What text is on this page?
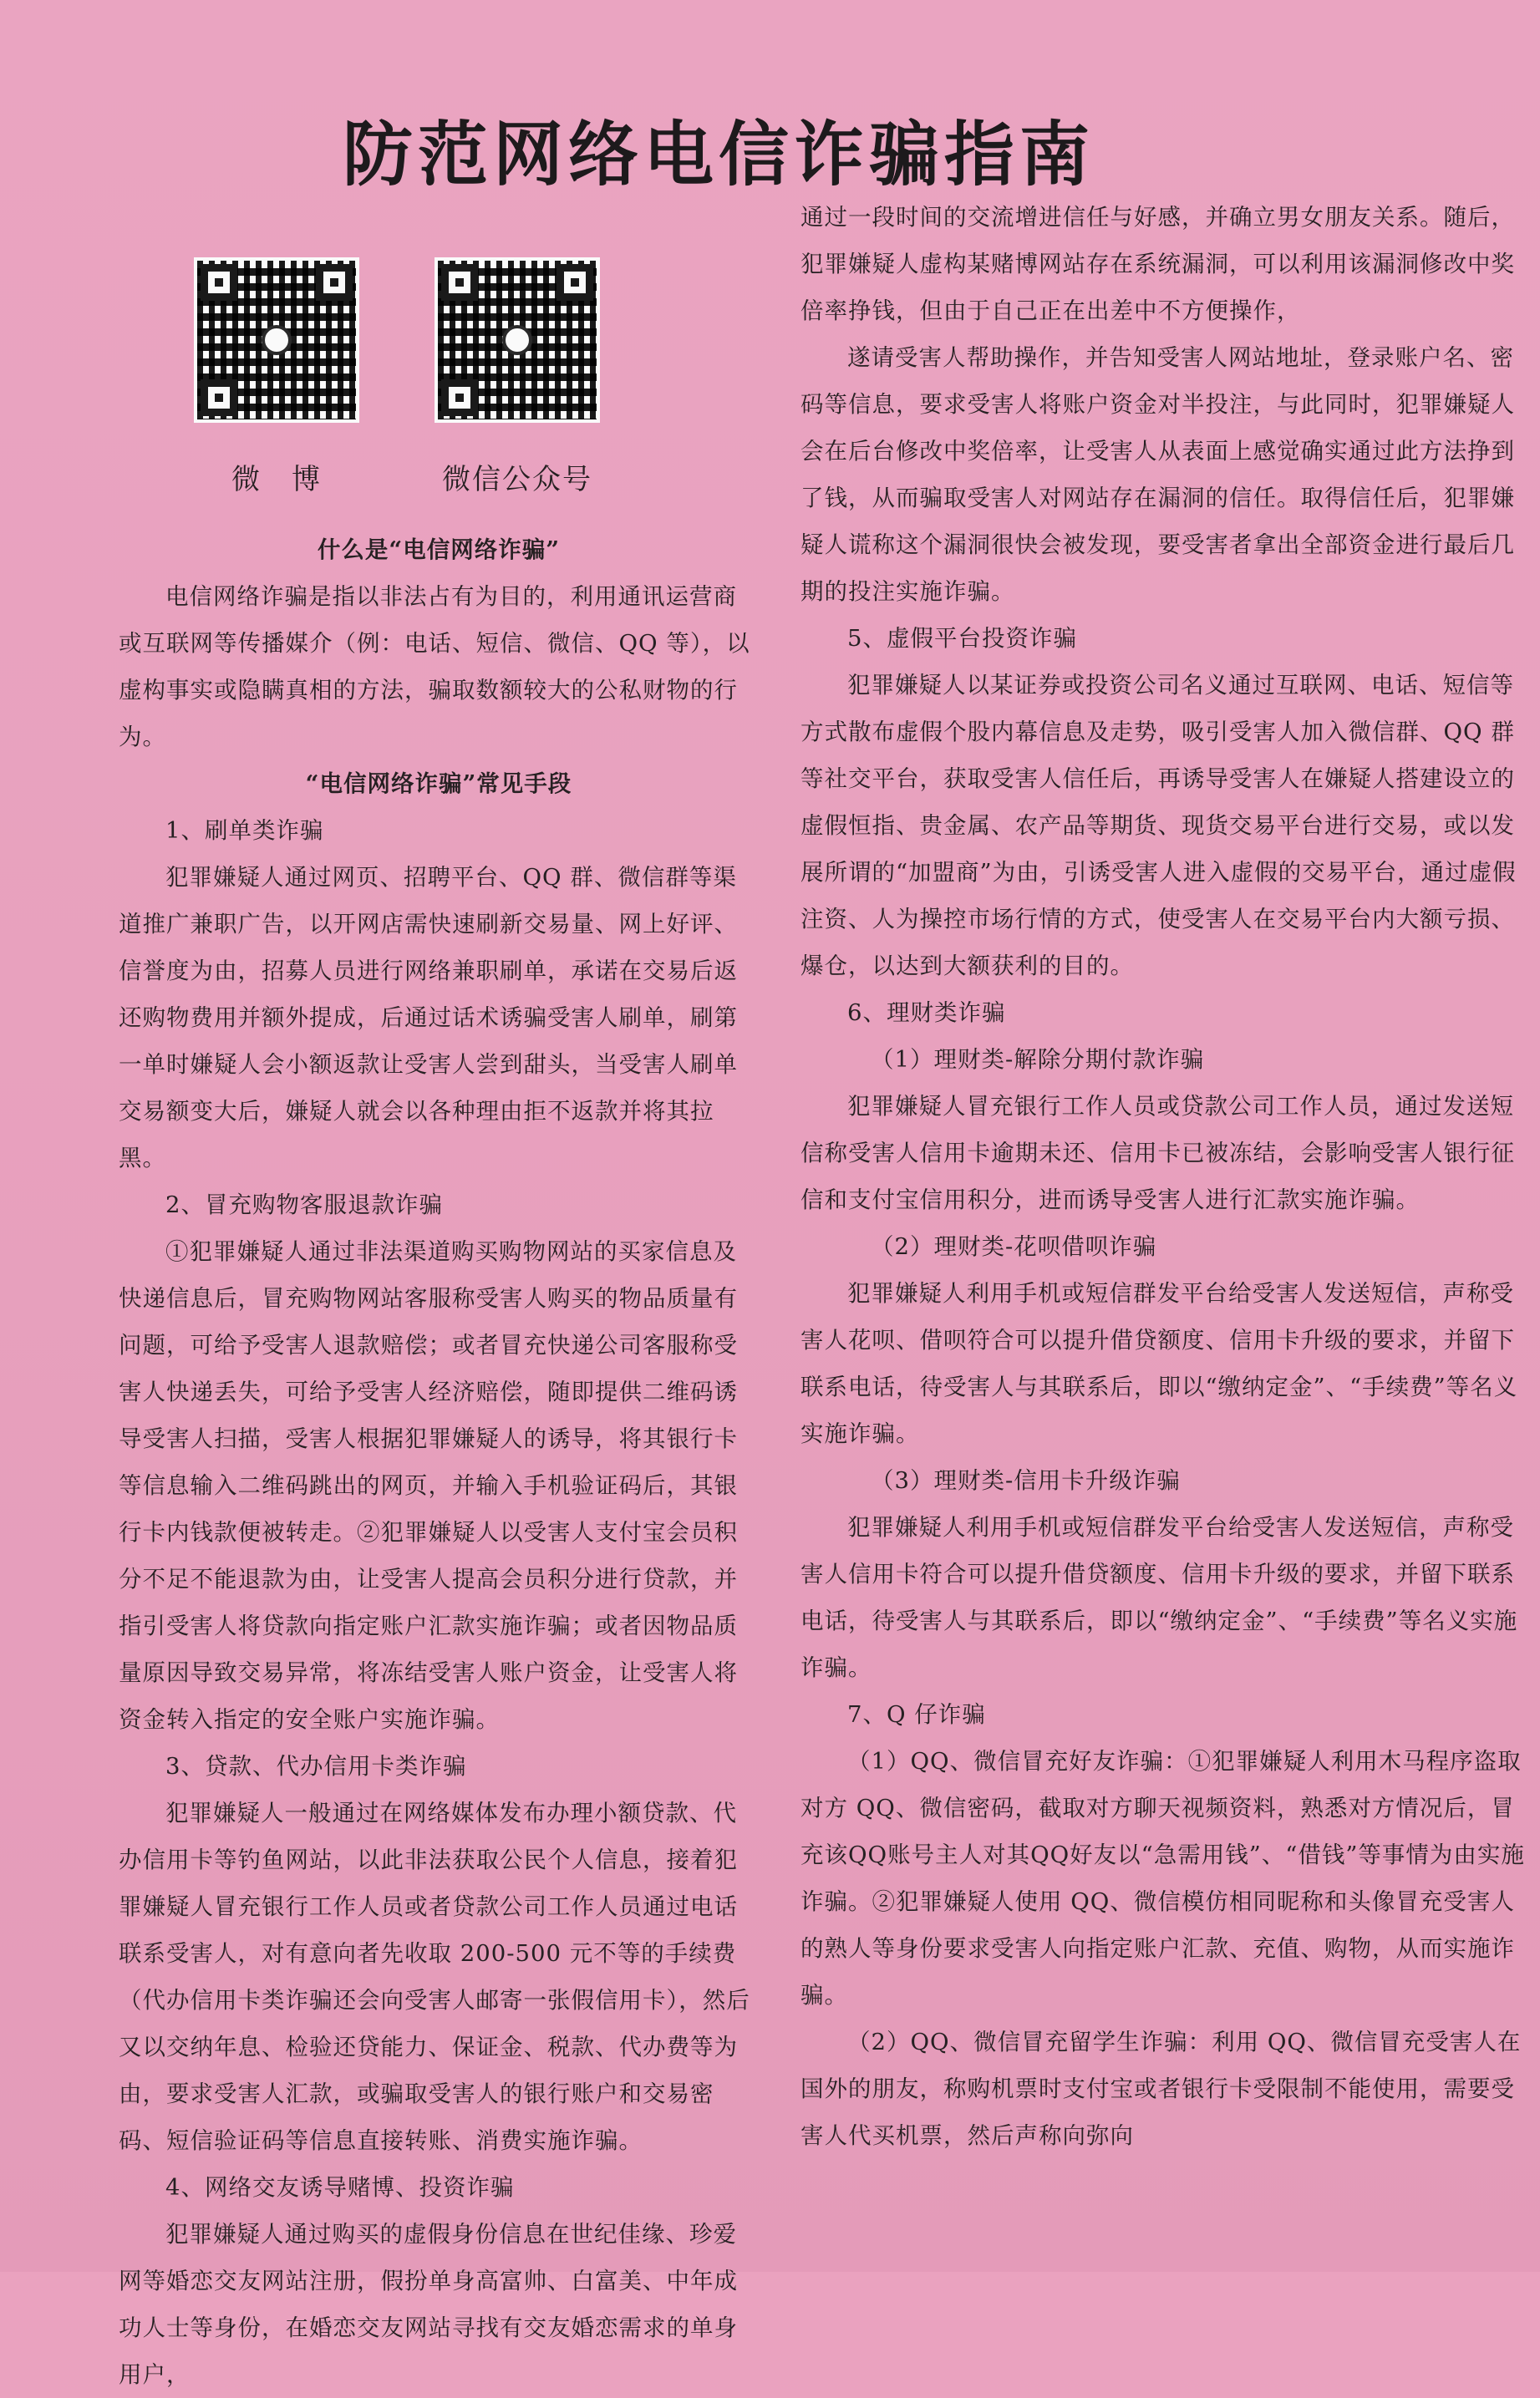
防范网络电信诈骗指南
微　博	微信公众号

什么是“电信网络诈骗”

电信网络诈骗是指以非法占有为目的，利用通讯运营商或互联网等传播媒介（例：电话、短信、微信、QQ 等），以虚构事实或隐瞒真相的方法，骗取数额较大的公私财物的行为。

“电信网络诈骗”常见手段

1、刷单类诈骗

犯罪嫌疑人通过网页、招聘平台、QQ 群、微信群等渠道推广兼职广告，以开网店需快速刷新交易量、网上好评、信誉度为由，招募人员进行网络兼职刷单，承诺在交易后返还购物费用并额外提成，后通过话术诱骗受害人刷单，刷第一单时嫌疑人会小额返款让受害人尝到甜头，当受害人刷单交易额变大后，嫌疑人就会以各种理由拒不返款并将其拉黑。

2、冒充购物客服退款诈骗

①犯罪嫌疑人通过非法渠道购买购物网站的买家信息及快递信息后，冒充购物网站客服称受害人购买的物品质量有问题，可给予受害人退款赔偿；或者冒充快递公司客服称受害人快递丢失，可给予受害人经济赔偿，随即提供二维码诱导受害人扫描，受害人根据犯罪嫌疑人的诱导，将其银行卡等信息输入二维码跳出的网页，并输入手机验证码后，其银行卡内钱款便被转走。②犯罪嫌疑人以受害人支付宝会员积分不足不能退款为由，让受害人提高会员积分进行贷款，并指引受害人将贷款向指定账户汇款实施诈骗；或者因物品质量原因导致交易异常，将冻结受害人账户资金，让受害人将资金转入指定的安全账户实施诈骗。

3、贷款、代办信用卡类诈骗

犯罪嫌疑人一般通过在网络媒体发布办理小额贷款、代办信用卡等钓鱼网站，以此非法获取公民个人信息，接着犯罪嫌疑人冒充银行工作人员或者贷款公司工作人员通过电话联系受害人，对有意向者先收取 200-500 元不等的手续费（代办信用卡类诈骗还会向受害人邮寄一张假信用卡），然后又以交纳年息、检验还贷能力、保证金、税款、代办费等为由，要求受害人汇款，或骗取受害人的银行账户和交易密码、短信验证码等信息直接转账、消费实施诈骗。

4、网络交友诱导赌博、投资诈骗

犯罪嫌疑人通过购买的虚假身份信息在世纪佳缘、珍爱网等婚恋交友网站注册，假扮单身高富帅、白富美、中年成功人士等身份，在婚恋交友网站寻找有交友婚恋需求的单身用户，

通过一段时间的交流增进信任与好感，并确立男女朋友关系。随后，犯罪嫌疑人虚构某赌博网站存在系统漏洞，可以利用该漏洞修改中奖倍率挣钱，但由于自己正在出差中不方便操作，

遂请受害人帮助操作，并告知受害人网站地址，登录账户名、密码等信息，要求受害人将账户资金对半投注，与此同时，犯罪嫌疑人会在后台修改中奖倍率，让受害人从表面上感觉确实通过此方法挣到了钱，从而骗取受害人对网站存在漏洞的信任。取得信任后，犯罪嫌疑人谎称这个漏洞很快会被发现，要受害者拿出全部资金进行最后几期的投注实施诈骗。

5、虚假平台投资诈骗

犯罪嫌疑人以某证券或投资公司名义通过互联网、电话、短信等方式散布虚假个股内幕信息及走势，吸引受害人加入微信群、QQ 群等社交平台，获取受害人信任后，再诱导受害人在嫌疑人搭建设立的虚假恒指、贵金属、农产品等期货、现货交易平台进行交易，或以发展所谓的“加盟商”为由，引诱受害人进入虚假的交易平台，通过虚假注资、人为操控市场行情的方式，使受害人在交易平台内大额亏损、爆仓，以达到大额获利的目的。

6、理财类诈骗

（1）理财类-解除分期付款诈骗

犯罪嫌疑人冒充银行工作人员或贷款公司工作人员，通过发送短信称受害人信用卡逾期未还、信用卡已被冻结，会影响受害人银行征信和支付宝信用积分，进而诱导受害人进行汇款实施诈骗。

（2）理财类-花呗借呗诈骗

犯罪嫌疑人利用手机或短信群发平台给受害人发送短信，声称受害人花呗、借呗符合可以提升借贷额度、信用卡升级的要求，并留下联系电话，待受害人与其联系后，即以“缴纳定金”、“手续费”等名义实施诈骗。

（3）理财类-信用卡升级诈骗

犯罪嫌疑人利用手机或短信群发平台给受害人发送短信，声称受害人信用卡符合可以提升借贷额度、信用卡升级的要求，并留下联系电话，待受害人与其联系后，即以“缴纳定金”、“手续费”等名义实施诈骗。

7、Q 仔诈骗

（1）QQ、微信冒充好友诈骗：①犯罪嫌疑人利用木马程序盗取对方 QQ、微信密码，截取对方聊天视频资料，熟悉对方情况后，冒充该QQ账号主人对其QQ好友以“急需用钱”、“借钱”等事情为由实施诈骗。②犯罪嫌疑人使用 QQ、微信模仿相同昵称和头像冒充受害人的熟人等身份要求受害人向指定账户汇款、充值、购物，从而实施诈骗。

（2）QQ、微信冒充留学生诈骗：利用 QQ、微信冒充受害人在国外的朋友，称购机票时支付宝或者银行卡受限制不能使用，需要受害人代买机票，然后声称向弥向
